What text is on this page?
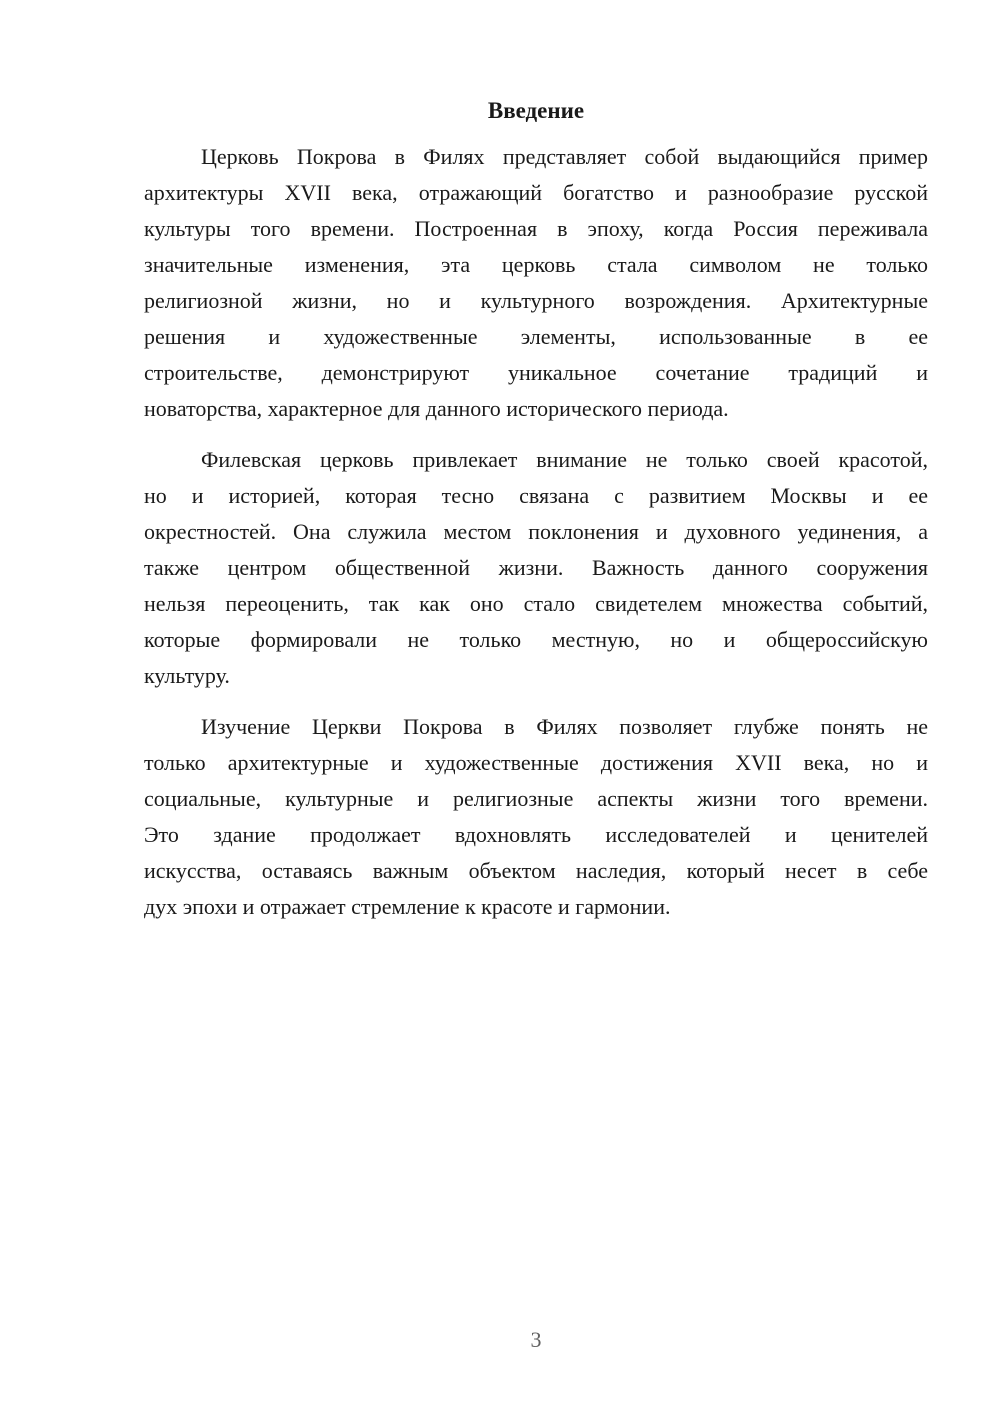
Введение
Церковь Покрова в Филях представляет собой выдающийся пример
архитектуры XVII века, отражающий богатство и разнообразие русской
культуры того времени. Построенная в эпоху, когда Россия переживала
значительные изменения, эта церковь стала символом не только
религиозной жизни, но и культурного возрождения. Архитектурные
решения и художественные элементы, использованные в ее
строительстве, демонстрируют уникальное сочетание традиций и
новаторства, характерное для данного исторического периода.
Филевская церковь привлекает внимание не только своей красотой,
но и историей, которая тесно связана с развитием Москвы и ее
окрестностей. Она служила местом поклонения и духовного уединения, а
также центром общественной жизни. Важность данного сооружения
нельзя переоценить, так как оно стало свидетелем множества событий,
которые формировали не только местную, но и общероссийскую
культуру.
Изучение Церкви Покрова в Филях позволяет глубже понять не
только архитектурные и художественные достижения XVII века, но и
социальные, культурные и религиозные аспекты жизни того времени.
Это здание продолжает вдохновлять исследователей и ценителей
искусства, оставаясь важным объектом наследия, который несет в себе
дух эпохи и отражает стремление к красоте и гармонии.
3
